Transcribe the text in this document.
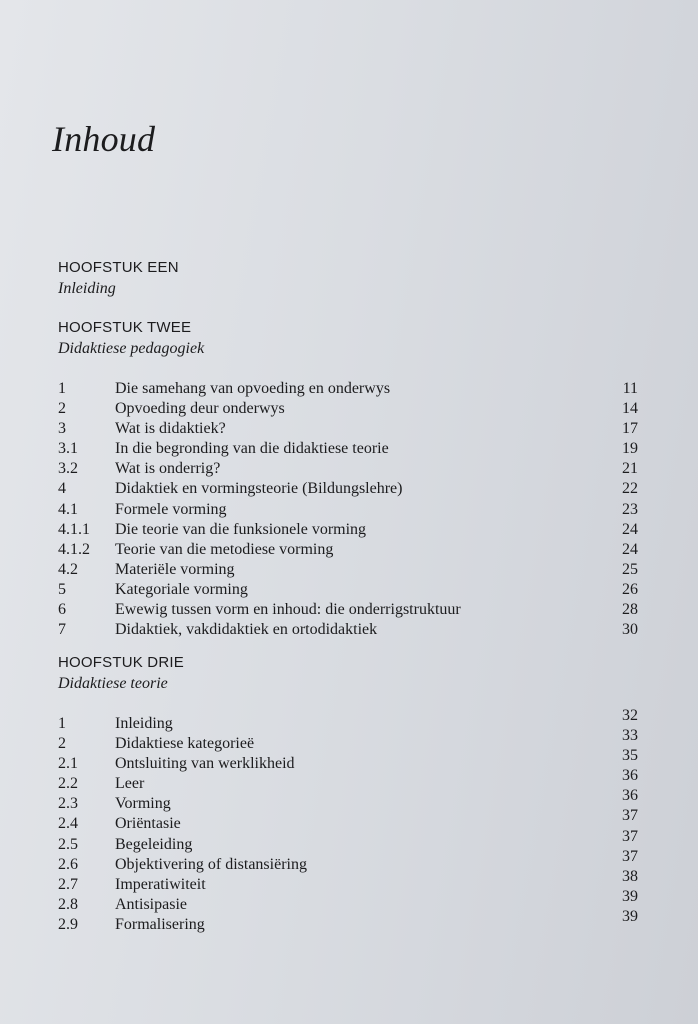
Inhoud
HOOFSTUK EEN
Inleiding
HOOFSTUK TWEE
Didaktiese pedagogiek
1	Die samehang van opvoeding en onderwys	11
2	Opvoeding deur onderwys	14
3	Wat is didaktiek?	17
3.1 In die begronding van die didaktiese teorie	19
3.2 Wat is onderrig?	21
4	Didaktiek en vormingsteorie (Bildungslehre)	22
4.1 Formele vorming	23
4.1.1 Die teorie van die funksionele vorming	24
4.1.2 Teorie van die metodiese vorming	24
4.2 Materiële vorming	25
5	Kategoriale vorming	26
6	Ewewig tussen vorm en inhoud: die onderrigstruktuur	28
7	Didaktiek, vakdidaktiek en ortodidaktiek	30
HOOFSTUK DRIE
Didaktiese teorie
1	Inleiding	32
2	Didaktiese kategorieë	33
2.1 Ontsluiting van werklikheid	35
2.2 Leer	36
2.3 Vorming	36
2.4 Oriëntasie	37
2.5 Begeleiding	37
2.6 Objektivering of distansiëring	37
2.7 Imperatiwiteit	38
2.8 Antisipasie	39
2.9 Formalisering	39
